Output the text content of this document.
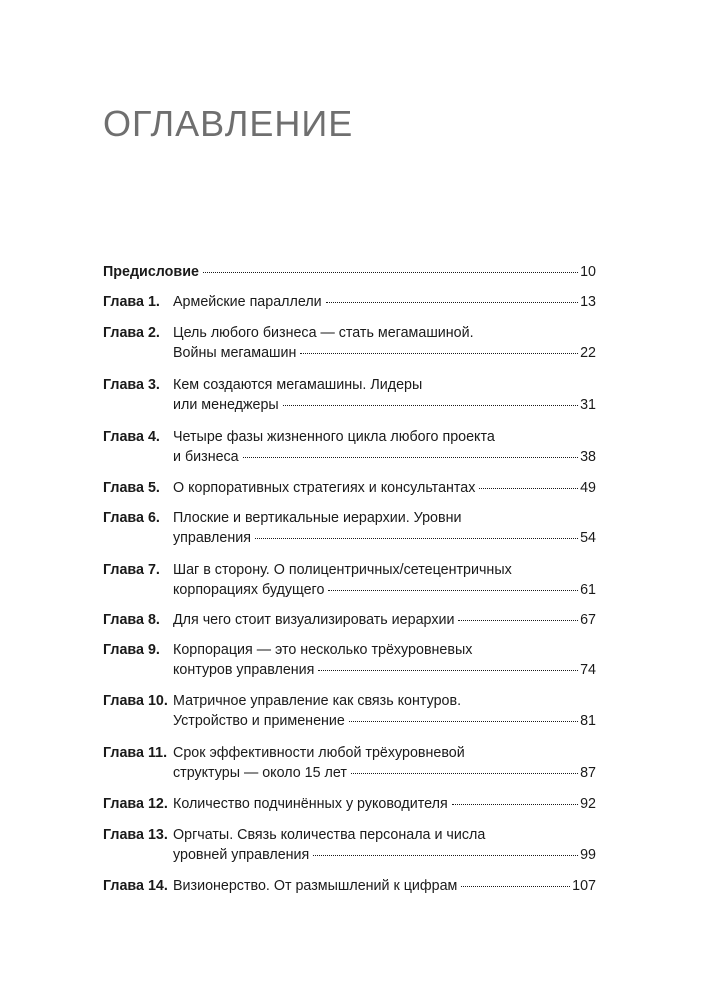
ОГЛАВЛЕНИЕ
Предисловие	10
Глава 1. Армейские параллели	13
Глава 2. Цель любого бизнеса — стать мегамашиной.
Войны мегамашин	22
Глава 3. Кем создаются мегамашины. Лидеры
или менеджеры	31
Глава 4. Четыре фазы жизненного цикла любого проекта
и бизнеса	38
Глава 5. О корпоративных стратегиях и консультантах	49
Глава 6. Плоские и вертикальные иерархии. Уровни
управления	54
Глава 7. Шаг в сторону. О полицентричных/сетецентричных
корпорациях будущего	61
Глава 8. Для чего стоит визуализировать иерархии	67
Глава 9. Корпорация — это несколько трёхуровневых
контуров управления	74
Глава 10. Матричное управление как связь контуров.
Устройство и применение	81
Глава 11. Срок эффективности любой трёхуровневой
структуры — около 15 лет	87
Глава 12. Количество подчинённых у руководителя	92
Глава 13. Оргчаты. Связь количества персонала и числа
уровней управления	99
Глава 14. Визионерство. От размышлений к цифрам	107
